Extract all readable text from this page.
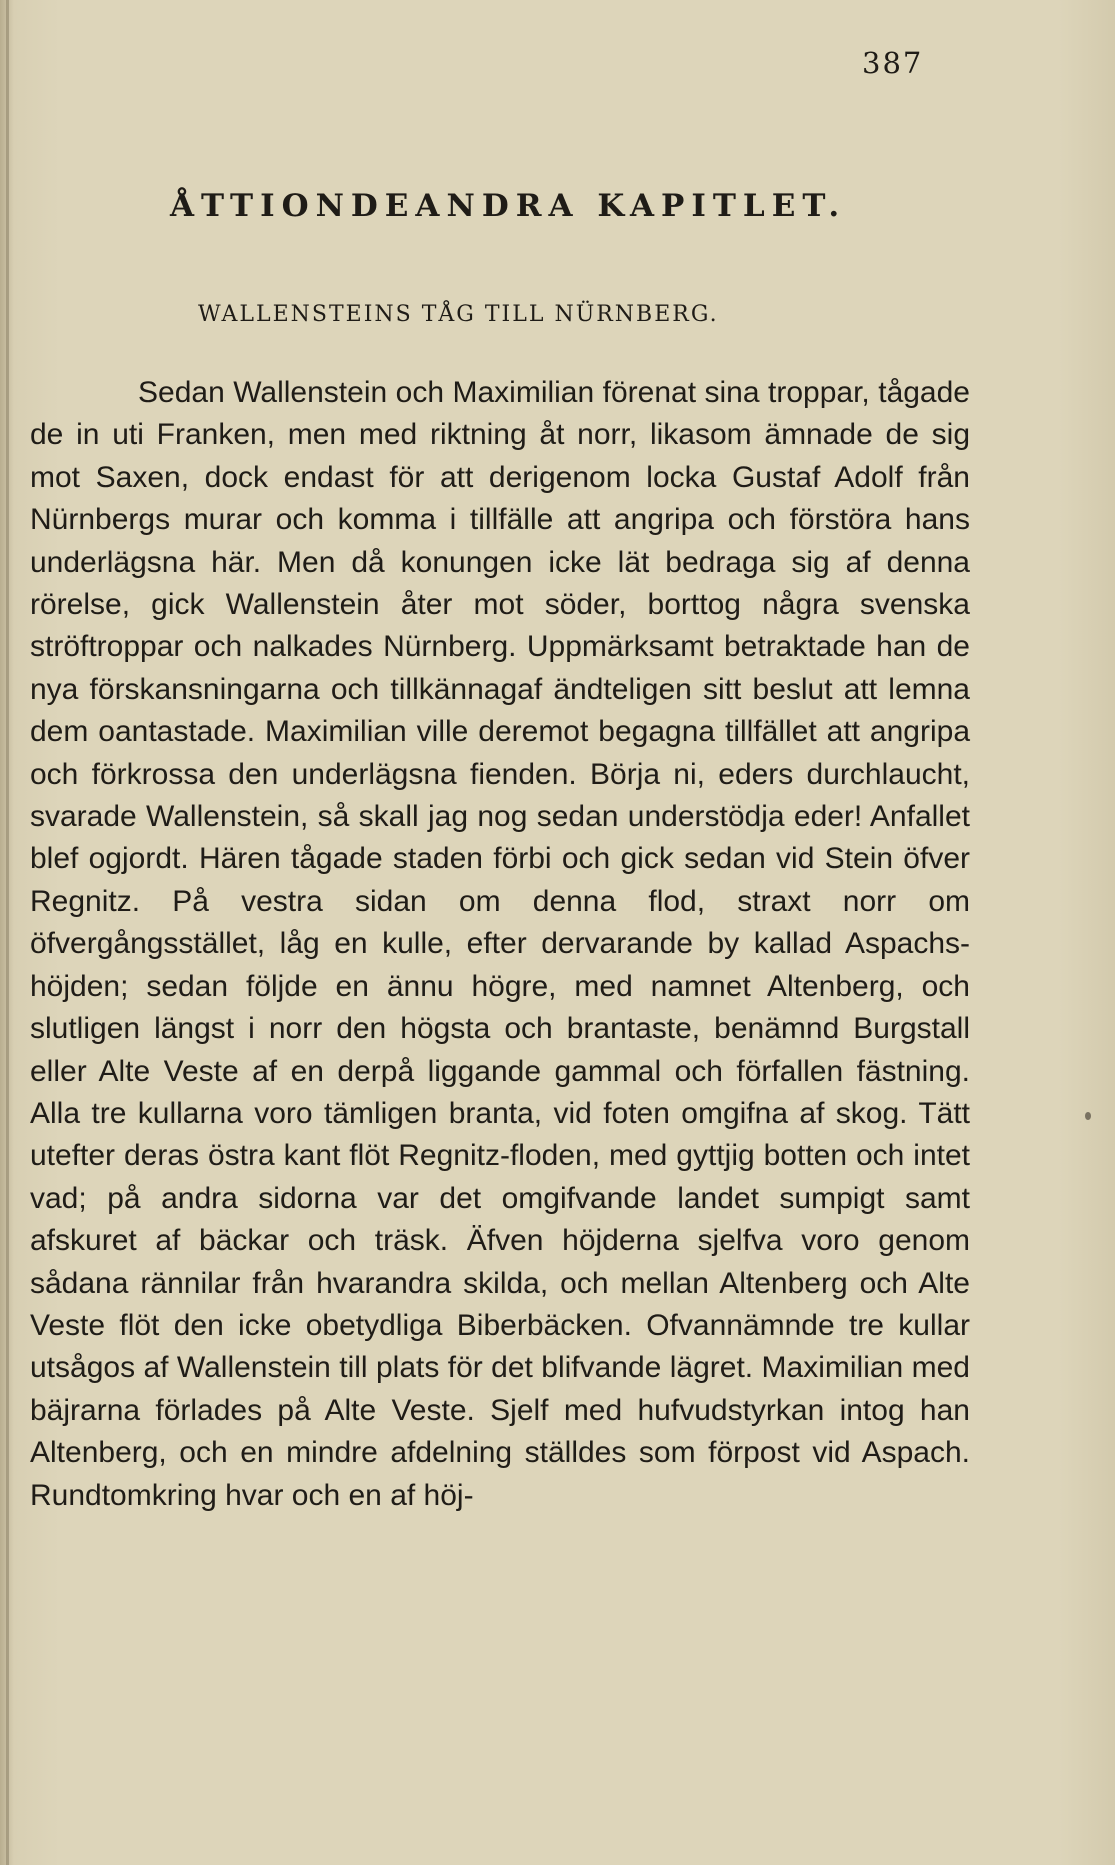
387
ÅTTIONDEANDRA KAPITLET.
WALLENSTEINS TÅG TILL NÜRNBERG.

Sedan Wallenstein och Maximilian förenat sina troppar, tågade de in uti Franken, men med riktning åt norr, likasom ämnade de sig mot Saxen, dock endast för att derigenom locka Gustaf Adolf från Nürnbergs murar och komma i tillfälle att angripa och förstöra hans underlägsna här. Men då konungen icke lät bedraga sig af denna rörelse, gick Wallenstein åter mot söder, borttog några svenska ströftroppar och nalkades Nürnberg. Uppmärksamt betraktade han de nya förskansningarna och tillkännagaf ändteligen sitt beslut att lemna dem oantastade. Maximilian ville deremot begagna tillfället att angripa och förkrossa den underlägsna fienden. Börja ni, eders durchlaucht, svarade Wallenstein, så skall jag nog sedan understödja eder! Anfallet blef ogjordt. Hären tågade staden förbi och gick sedan vid Stein öfver Regnitz. På vestra sidan om denna flod, straxt norr om öfvergångsstället, låg en kulle, efter dervarande by kallad Aspachs-höjden; sedan följde en ännu högre, med namnet Altenberg, och slutligen längst i norr den högsta och brantaste, benämnd Burgstall eller Alte Veste af en derpå liggande gammal och förfallen fästning. Alla tre kullarna voro tämligen branta, vid foten omgifna af skog. Tätt utefter deras östra kant flöt Regnitz-floden, med gyttjig botten och intet vad; på andra sidorna var det omgifvande landet sumpigt samt afskuret af bäckar och träsk. Äfven höjderna sjelfva voro genom sådana rännilar från hvarandra skilda, och mellan Altenberg och Alte Veste flöt den icke obetydliga Biberbäcken. Ofvannämnde tre kullar utsågos af Wallenstein till plats för det blifvande lägret. Maximilian med bäjrarna förlades på Alte Veste. Sjelf med hufvudstyrkan intog han Altenberg, och en mindre afdelning ställdes som förpost vid Aspach. Rundtomkring hvar och en af höj-
